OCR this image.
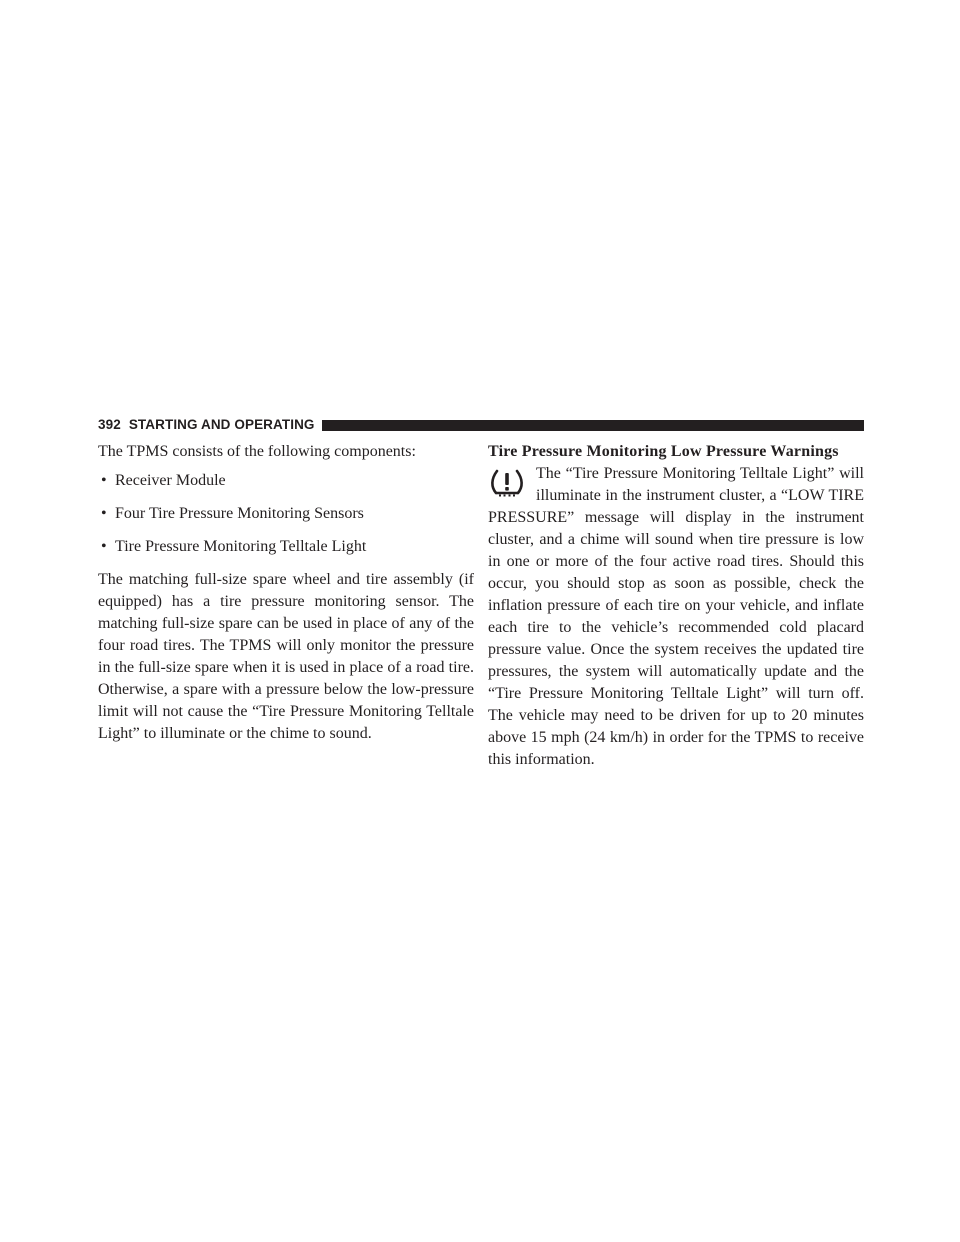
392 STARTING AND OPERATING

The TPMS consists of the following components:

• Receiver Module
• Four Tire Pressure Monitoring Sensors
• Tire Pressure Monitoring Telltale Light

The matching full-size spare wheel and tire assembly (if equipped) has a tire pressure monitoring sensor. The matching full-size spare can be used in place of any of the four road tires. The TPMS will only monitor the pressure in the full-size spare when it is used in place of a road tire. Otherwise, a spare with a pressure below the low-pressure limit will not cause the “Tire Pressure Monitoring Telltale Light” to illuminate or the chime to sound.

Tire Pressure Monitoring Low Pressure Warnings

The “Tire Pressure Monitoring Telltale Light” will illuminate in the instrument cluster, a “LOW TIRE PRESSURE” message will display in the instrument cluster, and a chime will sound when tire pressure is low in one or more of the four active road tires. Should this occur, you should stop as soon as possible, check the inflation pressure of each tire on your vehicle, and inflate each tire to the vehicle’s recommended cold placard pressure value. Once the system receives the updated tire pressures, the system will automatically update and the “Tire Pressure Monitoring Telltale Light” will turn off. The vehicle may need to be driven for up to 20 minutes above 15 mph (24 km/h) in order for the TPMS to receive this information.
